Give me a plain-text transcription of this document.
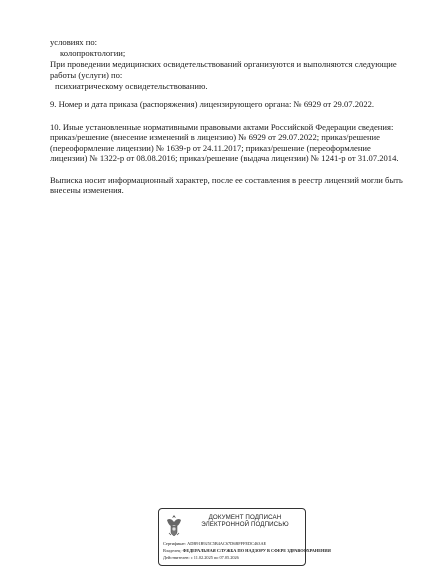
условиях по:
колопроктологии;
При проведении медицинских освидетельствований организуются и выполняются следующие
работы (услуги) по:
психиатрическому освидетельствованию.
9. Номер и дата приказа (распоряжения) лицензирующего органа: № 6929 от 29.07.2022.
10. Иные установленные нормативными правовыми актами Российской Федерации сведения:
приказ/решение (внесение изменений в лицензию) № 6929 от 29.07.2022; приказ/решение
(переоформление лицензии) № 1639-р от 24.11.2017; приказ/решение (переоформление
лицензии) № 1322-р от 08.08.2016; приказ/решение (выдача лицензии) № 1241-р от 31.07.2014.
Выписка носит информационный характер, после ее составления в реестр лицензий могли быть
внесены изменения.
ДОКУМЕНТ ПОДПИСАН
ЭЛЕКТРОННОЙ ПОДПИСЬЮ
Сертификат: ADB91B925C5B4AC67D6BFFFEDC463AE
Владелец: ФЕДЕРАЛЬНАЯ СЛУЖБА ПО НАДЗОРУ В СФЕРЕ ЗДРАВООХРАНЕНИЯ
Действителен: с 11.02.2025 по 07.05.2026
